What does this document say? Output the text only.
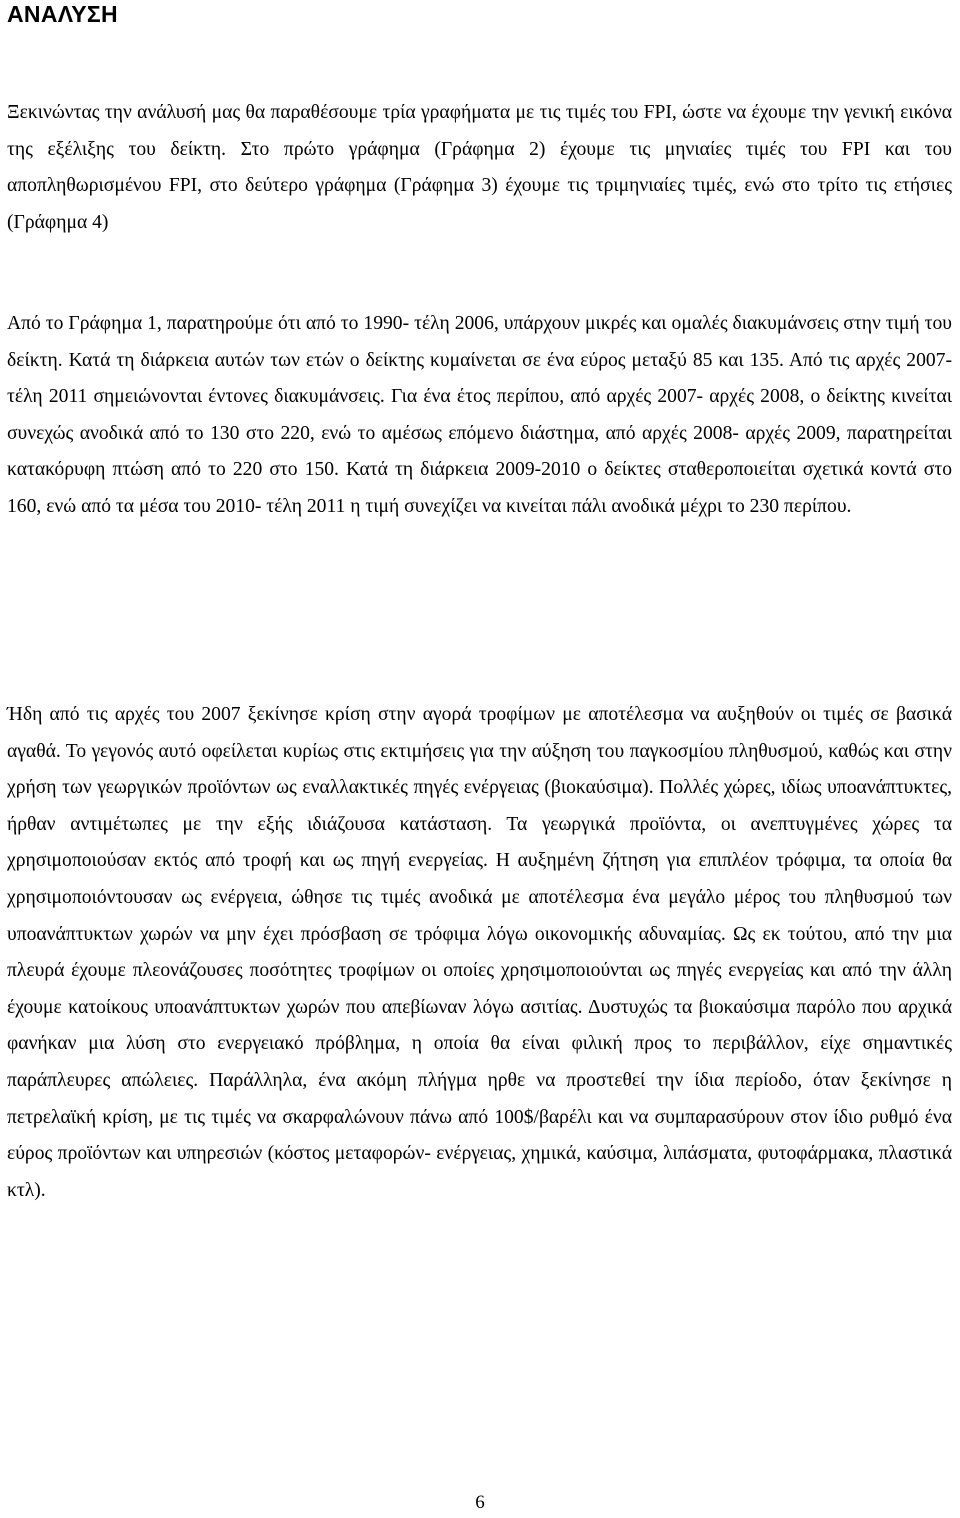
ΑΝΑΛΥΣΗ

Ξεκινώντας την ανάλυσή μας θα παραθέσουμε τρία γραφήματα με τις τιμές του FPI, ώστε να έχουμε την γενική εικόνα της εξέλιξης του δείκτη. Στο πρώτο γράφημα (Γράφημα 2) έχουμε τις μηνιαίες τιμές του FPI και του αποπληθωρισμένου FPI, στο δεύτερο γράφημα (Γράφημα 3) έχουμε τις τριμηνιαίες τιμές, ενώ στο τρίτο τις ετήσιες (Γράφημα 4)

Από το Γράφημα 1, παρατηρούμε ότι από το 1990- τέλη 2006, υπάρχουν μικρές και ομαλές διακυμάνσεις στην τιμή του δείκτη. Κατά τη διάρκεια αυτών των ετών ο δείκτης κυμαίνεται σε ένα εύρος μεταξύ 85 και 135. Από τις αρχές 2007- τέλη 2011 σημειώνονται έντονες διακυμάνσεις. Για ένα έτος περίπου, από αρχές 2007- αρχές 2008, ο δείκτης κινείται συνεχώς ανοδικά από το 130 στο 220, ενώ το αμέσως επόμενο διάστημα, από αρχές 2008- αρχές 2009, παρατηρείται κατακόρυφη πτώση από το 220 στο 150. Κατά τη διάρκεια 2009-2010 ο δείκτες σταθεροποιείται σχετικά κοντά στο 160, ενώ από τα μέσα του 2010- τέλη 2011 η τιμή συνεχίζει να κινείται πάλι ανοδικά μέχρι το 230 περίπου.

Ήδη από τις αρχές του 2007 ξεκίνησε κρίση στην αγορά τροφίμων με αποτέλεσμα να αυξηθούν οι τιμές σε βασικά αγαθά. Το γεγονός αυτό οφείλεται κυρίως στις εκτιμήσεις για την αύξηση του παγκοσμίου πληθυσμού, καθώς και στην χρήση των γεωργικών προϊόντων ως εναλλακτικές πηγές ενέργειας (βιοκαύσιμα). Πολλές χώρες, ιδίως υποανάπτυκτες, ήρθαν αντιμέτωπες με την εξής ιδιάζουσα κατάσταση. Τα γεωργικά προϊόντα, οι ανεπτυγμένες χώρες τα χρησιμοποιούσαν εκτός από τροφή και ως πηγή ενεργείας. Η αυξημένη ζήτηση για επιπλέον τρόφιμα, τα οποία θα χρησιμοποιόντουσαν ως ενέργεια, ώθησε τις τιμές ανοδικά με αποτέλεσμα ένα μεγάλο μέρος του πληθυσμού των υποανάπτυκτων χωρών να μην έχει πρόσβαση σε τρόφιμα λόγω οικονομικής αδυναμίας. Ως εκ τούτου, από την μια πλευρά έχουμε πλεονάζουσες ποσότητες τροφίμων οι οποίες χρησιμοποιούνται ως πηγές ενεργείας και από την άλλη έχουμε κατοίκους υποανάπτυκτων χωρών που απεβίωναν λόγω ασιτίας. Δυστυχώς τα βιοκαύσιμα παρόλο που αρχικά φανήκαν μια λύση στο ενεργειακό πρόβλημα, η οποία θα είναι φιλική προς το περιβάλλον, είχε σημαντικές παράπλευρες απώλειες. Παράλληλα, ένα ακόμη πλήγμα ηρθε να προστεθεί την ίδια περίοδο, όταν ξεκίνησε η πετρελαϊκή κρίση, με τις τιμές να σκαρφαλώνουν πάνω από 100$/βαρέλι και να συμπαρασύρουν στον ίδιο ρυθμό ένα εύρος προϊόντων και υπηρεσιών (κόστος μεταφορών- ενέργειας, χημικά, καύσιμα, λιπάσματα, φυτοφάρμακα, πλαστικά κτλ).

6
